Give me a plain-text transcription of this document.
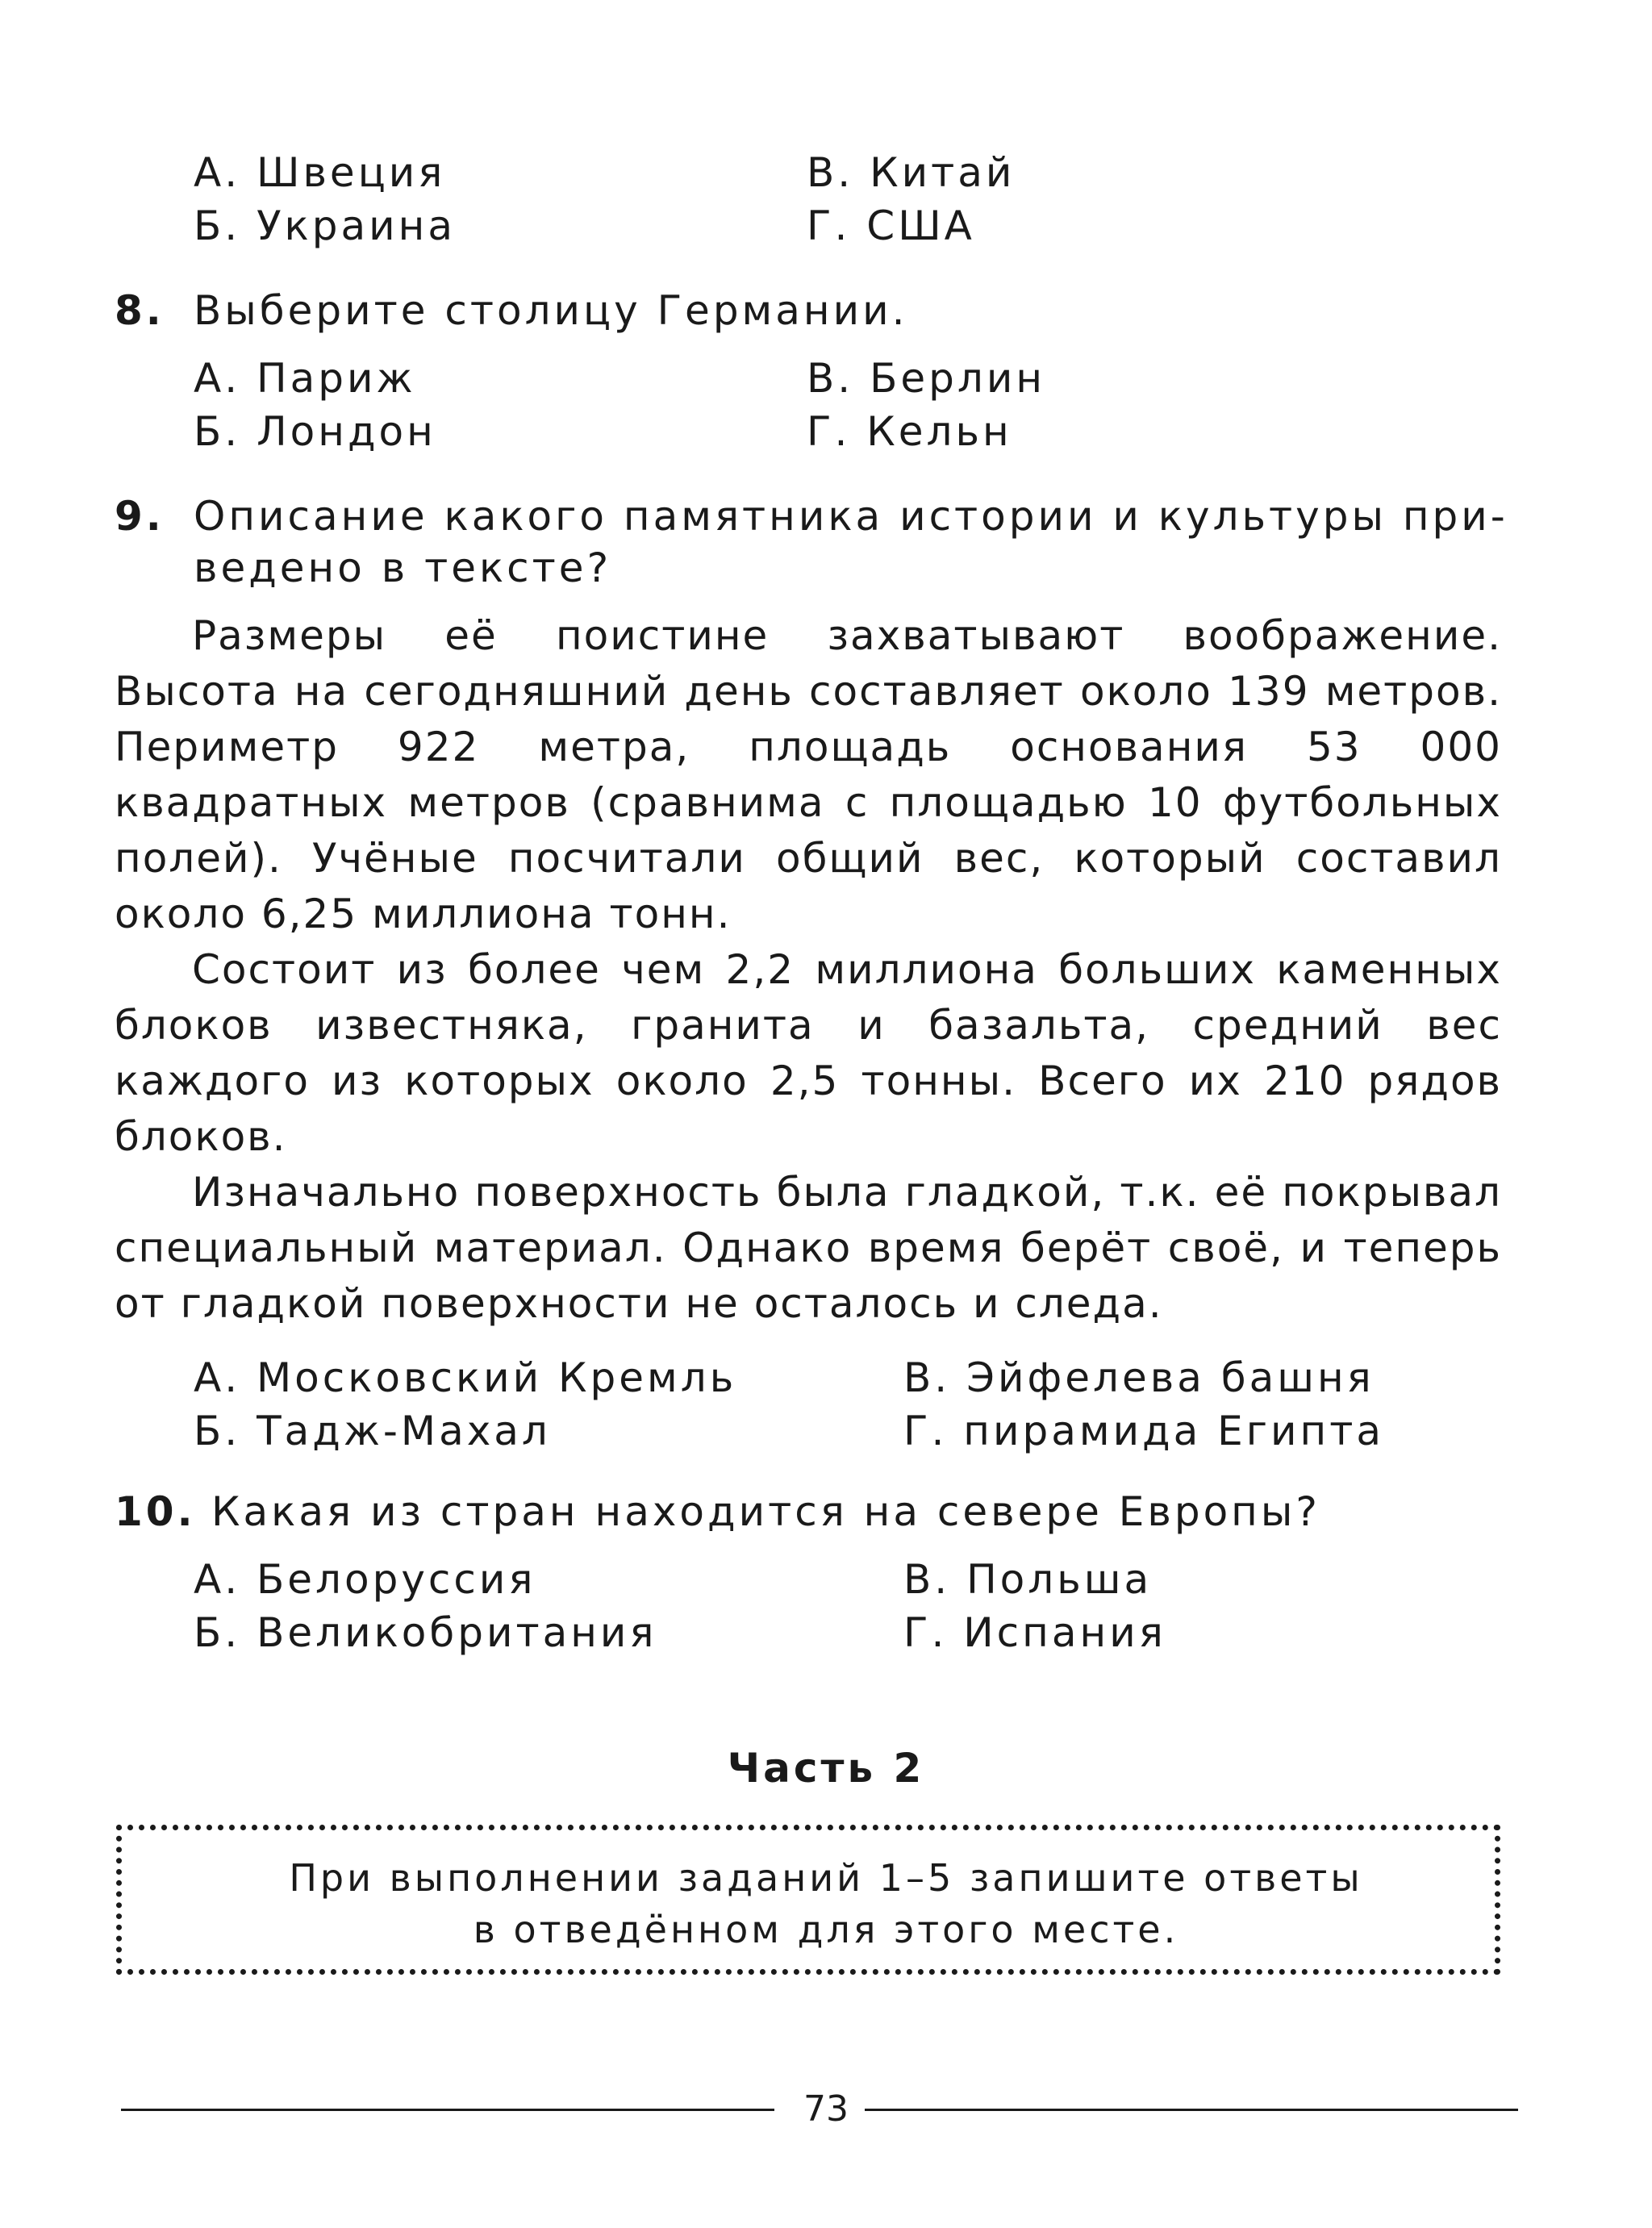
А. Швеция	В. Китай
Б. Украина	Г. США
8. Выберите столицу Германии.
А. Париж	В. Берлин
Б. Лондон	Г. Кельн
9. Описание какого памятника истории и культуры при-
ведено в тексте?

Размеры её поистине захватывают воображение. Высота на сегодняшний день составляет около 139 метров. Периметр 922 метра, площадь основания 53 000 квадратных метров (сравнима с площадью 10 футбольных полей). Учёные посчитали общий вес, который составил около 6,25 миллиона тонн.

Состоит из более чем 2,2 миллиона больших каменных блоков известняка, гранита и базальта, средний вес каждого из которых около 2,5 тонны. Всего их 210 рядов блоков.

Изначально поверхность была гладкой, т.к. её покрывал специальный материал. Однако время берёт своё, и теперь от гладкой поверхности не осталось и следа.

А. Московский Кремль	В. Эйфелева башня
Б. Тадж-Махал	Г. пирамида Египта
10. Какая из стран находится на севере Европы?
А. Белоруссия	В. Польша
Б. Великобритания	Г. Испания
Часть 2
При выполнении заданий 1–5 запишите ответы
в отведённом для этого месте.
73
